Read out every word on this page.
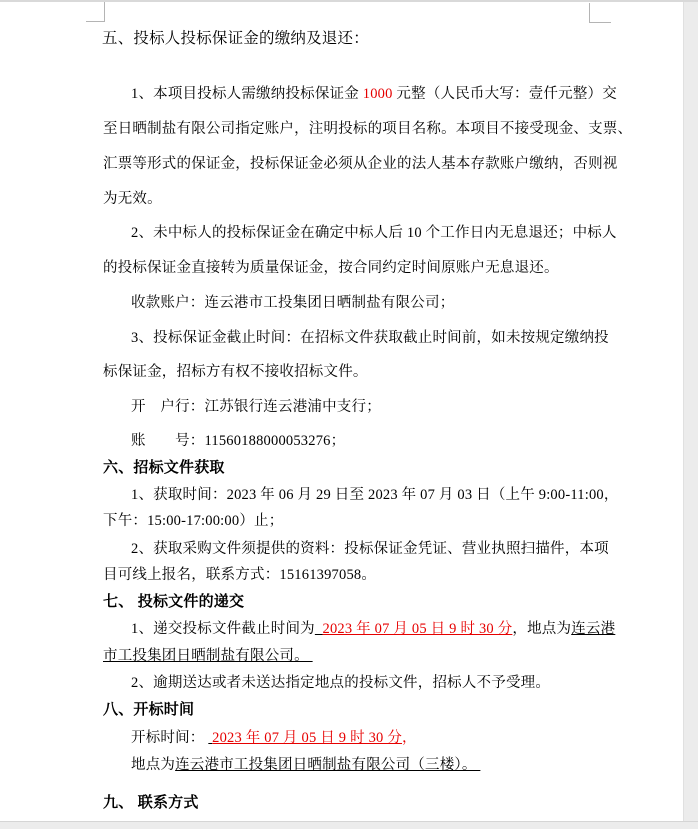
五、投标人投标保证金的缴纳及退还：
1、本项目投标人需缴纳投标保证金 1000 元整（人民币大写：壹仟元整）交
至日晒制盐有限公司指定账户，注明投标的项目名称。本项目不接受现金、支票、
汇票等形式的保证金，投标保证金必须从企业的法人基本存款账户缴纳，否则视
为无效。
2、未中标人的投标保证金在确定中标人后 10 个工作日内无息退还；中标人
的投标保证金直接转为质量保证金，按合同约定时间原账户无息退还。
收款账户：连云港市工投集团日晒制盐有限公司；
3、投标保证金截止时间：在招标文件获取截止时间前，如未按规定缴纳投
标保证金，招标方有权不接收招标文件。
开　户行：江苏银行连云港浦中支行；
账　　号：11560188000053276；
六、招标文件获取
1、获取时间：2023 年 06 月 29 日至 2023 年 07 月 03 日（上午 9:00-11:00，
下午：15:00-17:00:00）止；
2、获取采购文件须提供的资料：投标保证金凭证、营业执照扫描件，本项
目可线上报名，联系方式：15161397058。
七、 投标文件的递交
1、递交投标文件截止时间为 2023 年 07 月 05 日 9 时 30 分，地点为连云港
市工投集团日晒制盐有限公司。
2、逾期送达或者未送达指定地点的投标文件，招标人不予受理。
八、开标时间
开标时间：  2023 年 07 月 05 日 9 时 30 分，
地点为连云港市工投集团日晒制盐有限公司（三楼）。
九、 联系方式
